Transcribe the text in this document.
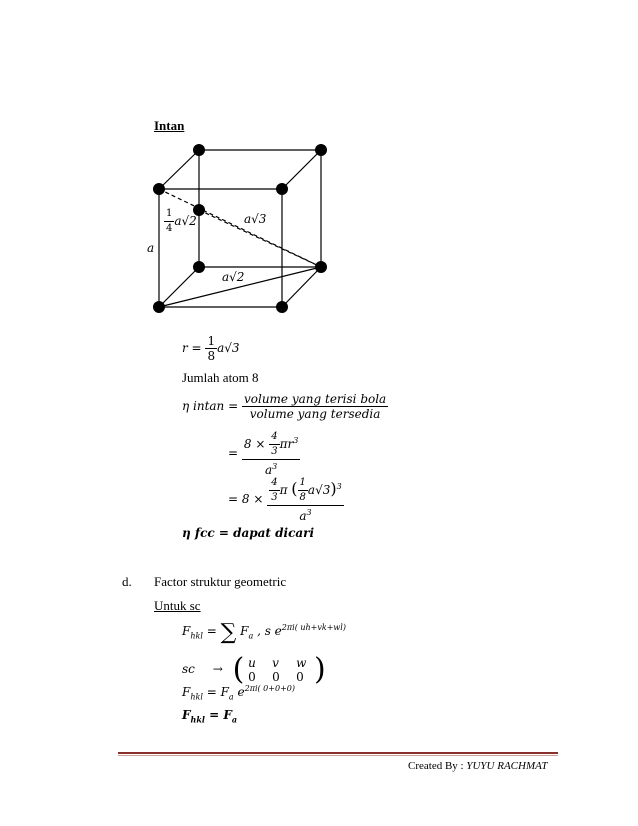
Intan
a
$\frac{1}{4} a√2$	a√3
a√2
$r = \frac{1}{8} a√3$
Jumlah atom 8
η $intan = \frac{\text{volume yang terisi bola}}{\text{volume yang tersedia}}$
= $\frac{8 \times \frac{4}{3} \pi r^3}{a^3}$
= $8 \times \frac{\frac{4}{3} \pi ( \frac{1}{8} a√3)^3}{a^3}$
η fcc = dapat dicari
d. Factor struktur geometric
Untuk sc
$F_{hkl}$ = ∑ $F_a$ , s $e^{2\pi i( uh+vk+wl)}$
sc → ( u v w
0 0 0 )
$F_{hkl} = F_a$ $e^{2\pi i( 0+0+0)}$
$F_{hkl} = F_a$
Created By : YUYU RACHMAT
